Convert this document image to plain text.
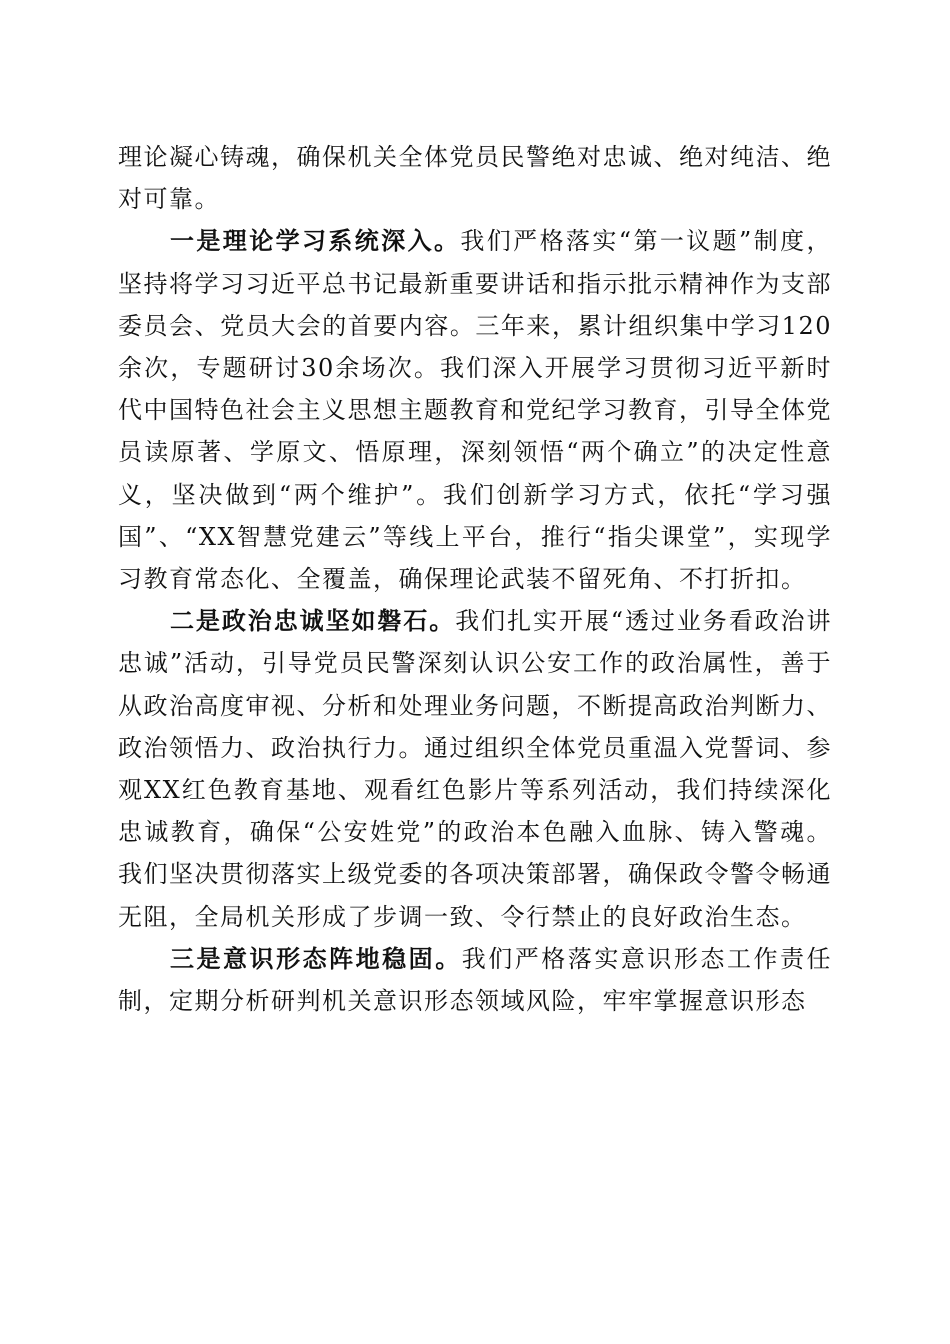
理论凝心铸魂，确保机关全体党员民警绝对忠诚、绝对纯洁、绝对可靠。

一是理论学习系统深入。我们严格落实“第一议题”制度，坚持将学习习近平总书记最新重要讲话和指示批示精神作为支部委员会、党员大会的首要内容。三年来，累计组织集中学习120余次，专题研讨30余场次。我们深入开展学习贯彻习近平新时代中国特色社会主义思想主题教育和党纪学习教育，引导全体党员读原著、学原文、悟原理，深刻领悟“两个确立”的决定性意义，坚决做到“两个维护”。我们创新学习方式，依托“学习强国”、“XX智慧党建云”等线上平台，推行“指尖课堂”，实现学习教育常态化、全覆盖，确保理论武装不留死角、不打折扣。

二是政治忠诚坚如磐石。我们扎实开展“透过业务看政治讲忠诚”活动，引导党员民警深刻认识公安工作的政治属性，善于从政治高度审视、分析和处理业务问题，不断提高政治判断力、政治领悟力、政治执行力。通过组织全体党员重温入党誓词、参观XX红色教育基地、观看红色影片等系列活动，我们持续深化忠诚教育，确保“公安姓党”的政治本色融入血脉、铸入警魂。我们坚决贯彻落实上级党委的各项决策部署，确保政令警令畅通无阻，全局机关形成了步调一致、令行禁止的良好政治生态。

三是意识形态阵地稳固。我们严格落实意识形态工作责任制，定期分析研判机关意识形态领域风险，牢牢掌握意识形态
